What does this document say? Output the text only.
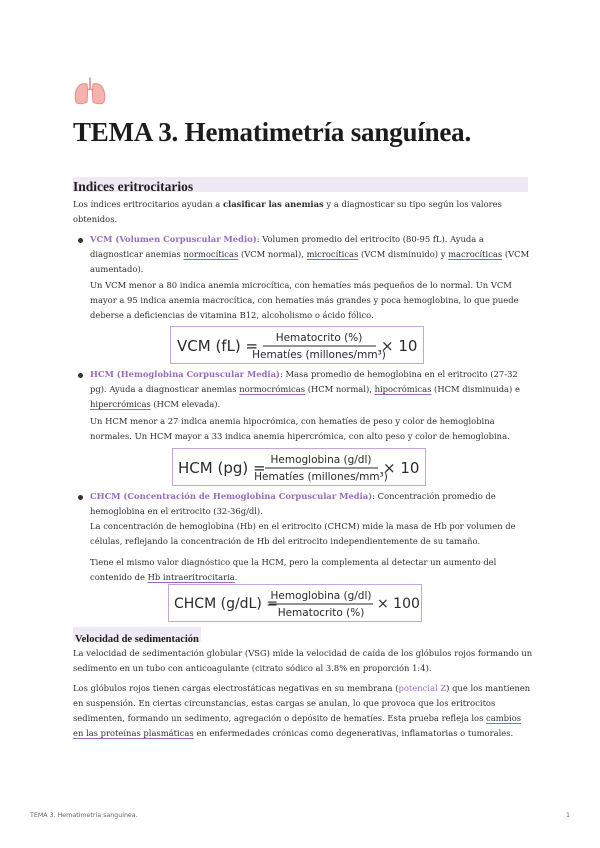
TEMA 3. Hematimetría sanguínea.
Indices eritrocitarios
Los índices eritrocitarios ayudan a clasificar las anemias y a diagnosticar su tipo según los valores obtenidos.
VCM (Volumen Corpuscular Medio): Volumen promedio del eritrocito (80-95 fL). Ayuda a diagnosticar anemias normocíticas (VCM normal), microcíticas (VCM disminuido) y macrocíticas (VCM aumentado).
Un VCM menor a 80 indica anemia microcítica, con hematíes más pequeños de lo normal. Un VCM mayor a 95 indica anemia macrocítica, con hematíes más grandes y poca hemoglobina, lo que puede deberse a deficiencias de vitamina B12, alcoholismo o ácido fólico.
VCM (fL) = Hematocrito (%)
Hematíes (millones/mm³)
× 10
HCM (Hemoglobina Corpuscular Media): Masa promedio de hemoglobina en el eritrocito (27-32 pg). Ayuda a diagnosticar anemias normocrómicas (HCM normal), hipocrómicas (HCM disminuida) e hipercrómicas (HCM elevada).
Un HCM menor a 27 indica anemia hipocrómica, con hematíes de peso y color de hemoglobina normales. Un HCM mayor a 33 indica anemia hipercrómica, con alto peso y color de hemoglobina.
HCM (pg) = Hemoglobina (g/dl)
Hematíes (millones/mm³)
× 10
CHCM (Concentración de Hemoglobina Corpuscular Media): Concentración promedio de hemoglobina en el eritrocito (32-36g/dl).
La concentración de hemoglobina (Hb) en el eritrocito (CHCM) mide la masa de Hb por volumen de células, reflejando la concentración de Hb del eritrocito independientemente de su tamaño.
Tiene el mismo valor diagnóstico que la HCM, pero la complementa al detectar un aumento del contenido de Hb intraeritrocitaria.
CHCM (g/dL) =
Hemoglobina (g/dl)
Hematocrito (%)
× 100
Velocidad de sedimentación
La velocidad de sedimentación globular (VSG) mide la velocidad de caída de los glóbulos rojos formando un sedimento en un tubo con anticoagulante (citrato sódico al 3.8% en proporción 1:4).
Los glóbulos rojos tienen cargas electrostáticas negativas en su membrana (potencial Z) que los mantienen en suspensión. En ciertas circunstancias, estas cargas se anulan, lo que provoca que los eritrocitos sedimenten, formando un sedimento, agregación o depósito de hematíes. Esta prueba refleja los cambios en las proteínas plasmáticas en enfermedades crónicas como degenerativas, inflamatorias o tumorales.
TEMA 3. Hematimetría sanguínea.	1
